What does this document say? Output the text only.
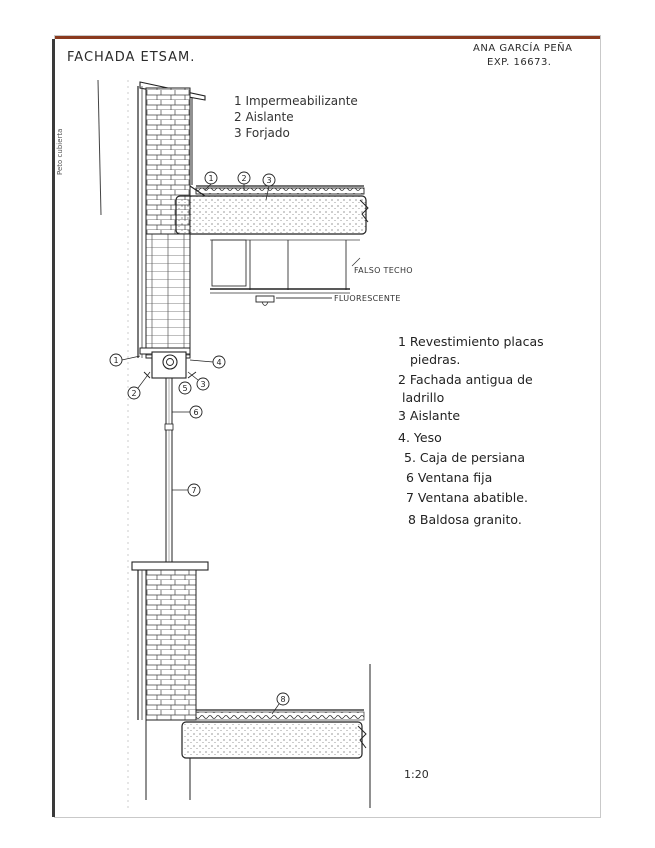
1	2 3
1
2
3
4
5
6
7
8

FACHADA ETSAM.

ANA GARCÍA PEÑA

EXP. 16673.

Peto cubierta

1 Impermeabilizante

2 Aislante

3 Forjado

FALSO TECHO

FLUORESCENTE

1 Revestimiento placas

piedras.

2 Fachada antigua de

ladrillo

3 Aislante

4. Yeso

5. Caja de persiana

6 Ventana fija

7 Ventana abatible.

8 Baldosa granito.

1:20
